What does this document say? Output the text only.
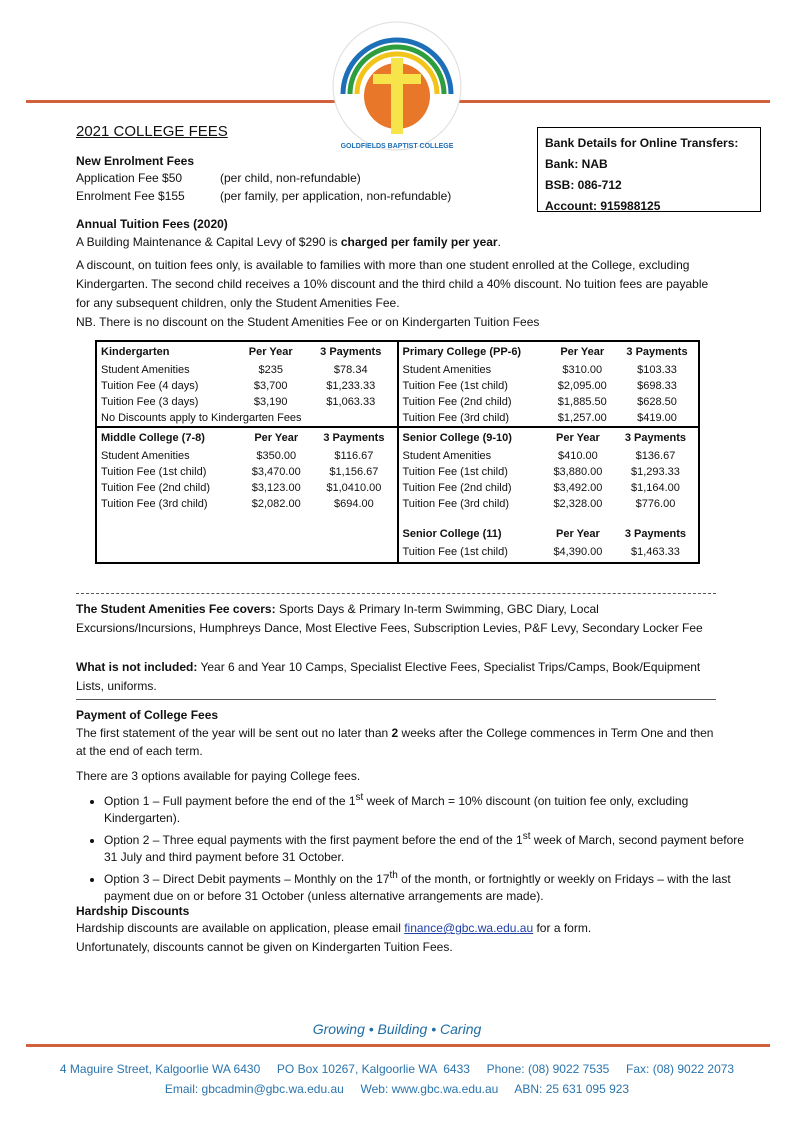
GOLDFIELDS BAPTIST COLLEGE
2021 COLLEGE FEES
Bank Details for Online Transfers:
Bank: NAB
BSB: 086-712
Account: 915988125
New Enrolment Fees
Application Fee $50	(per child, non-refundable)
Enrolment Fee $155	(per family, per application, non-refundable)
Annual Tuition Fees (2020)
A Building Maintenance & Capital Levy of $290 is charged per family per year.
A discount, on tuition fees only, is available to families with more than one student enrolled at the College, excluding Kindergarten. The second child receives a 10% discount and the third child a 40% discount. No tuition fees are payable for any subsequent children, only the Student Amenities Fee.
NB. There is no discount on the Student Amenities Fee or on Kindergarten Tuition Fees
Kindergarten	Per Year	3 Payments
Student Amenities	$235	$78.34
Tuition Fee (4 days)	$3,700	$1,233.33
Tuition Fee (3 days)	$3,190	$1,063.33
No Discounts apply to Kindergarten Fees

Primary College (PP-6)	Per Year	3 Payments
Student Amenities	$310.00	$103.33
Tuition Fee (1st child)	$2,095.00	$698.33
Tuition Fee (2nd child)	$1,885.50	$628.50
Tuition Fee (3rd child)	$1,257.00	$419.00

Middle College (7-8)	Per Year	3 Payments
Student Amenities	$350.00	$116.67
Tuition Fee (1st child)	$3,470.00	$1,156.67
Tuition Fee (2nd child)	$3,123.00	$1,0410.00
Tuition Fee (3rd child)	$2,082.00	$694.00

Senior College (9-10)	Per Year	3 Payments
Student Amenities	$410.00	$136.67
Tuition Fee (1st child)	$3,880.00	$1,293.33
Tuition Fee (2nd child)	$3,492.00	$1,164.00
Tuition Fee (3rd child)	$2,328.00	$776.00

Senior College (11)	Per Year	3 Payments
Tuition Fee (1st child)	$4,390.00	$1,463.33
The Student Amenities Fee covers: Sports Days & Primary In-term Swimming, GBC Diary, Local Excursions/Incursions, Humphreys Dance, Most Elective Fees, Subscription Levies, P&F Levy, Secondary Locker Fee
What is not included: Year 6 and Year 10 Camps, Specialist Elective Fees, Specialist Trips/Camps, Book/Equipment Lists, uniforms.
Payment of College Fees
The first statement of the year will be sent out no later than 2 weeks after the College commences in Term One and then at the end of each term.
There are 3 options available for paying College fees.
• Option 1 – Full payment before the end of the 1st week of March = 10% discount (on tuition fee only, excluding Kindergarten).
• Option 2 – Three equal payments with the first payment before the end of the 1st week of March, second payment before 31 July and third payment before 31 October.
• Option 3 – Direct Debit payments – Monthly on the 17th of the month, or fortnightly or weekly on Fridays – with the last payment due on or before 31 October (unless alternative arrangements are made).
Hardship Discounts
Hardship discounts are available on application, please email finance@gbc.wa.edu.au for a form.
Unfortunately, discounts cannot be given on Kindergarten Tuition Fees.
Growing • Building • Caring
4 Maguire Street, Kalgoorlie WA 6430     PO Box 10267, Kalgoorlie WA  6433     Phone: (08) 9022 7535     Fax: (08) 9022 2073
Email: gbcadmin@gbc.wa.edu.au     Web: www.gbc.wa.edu.au     ABN: 25 631 095 923
